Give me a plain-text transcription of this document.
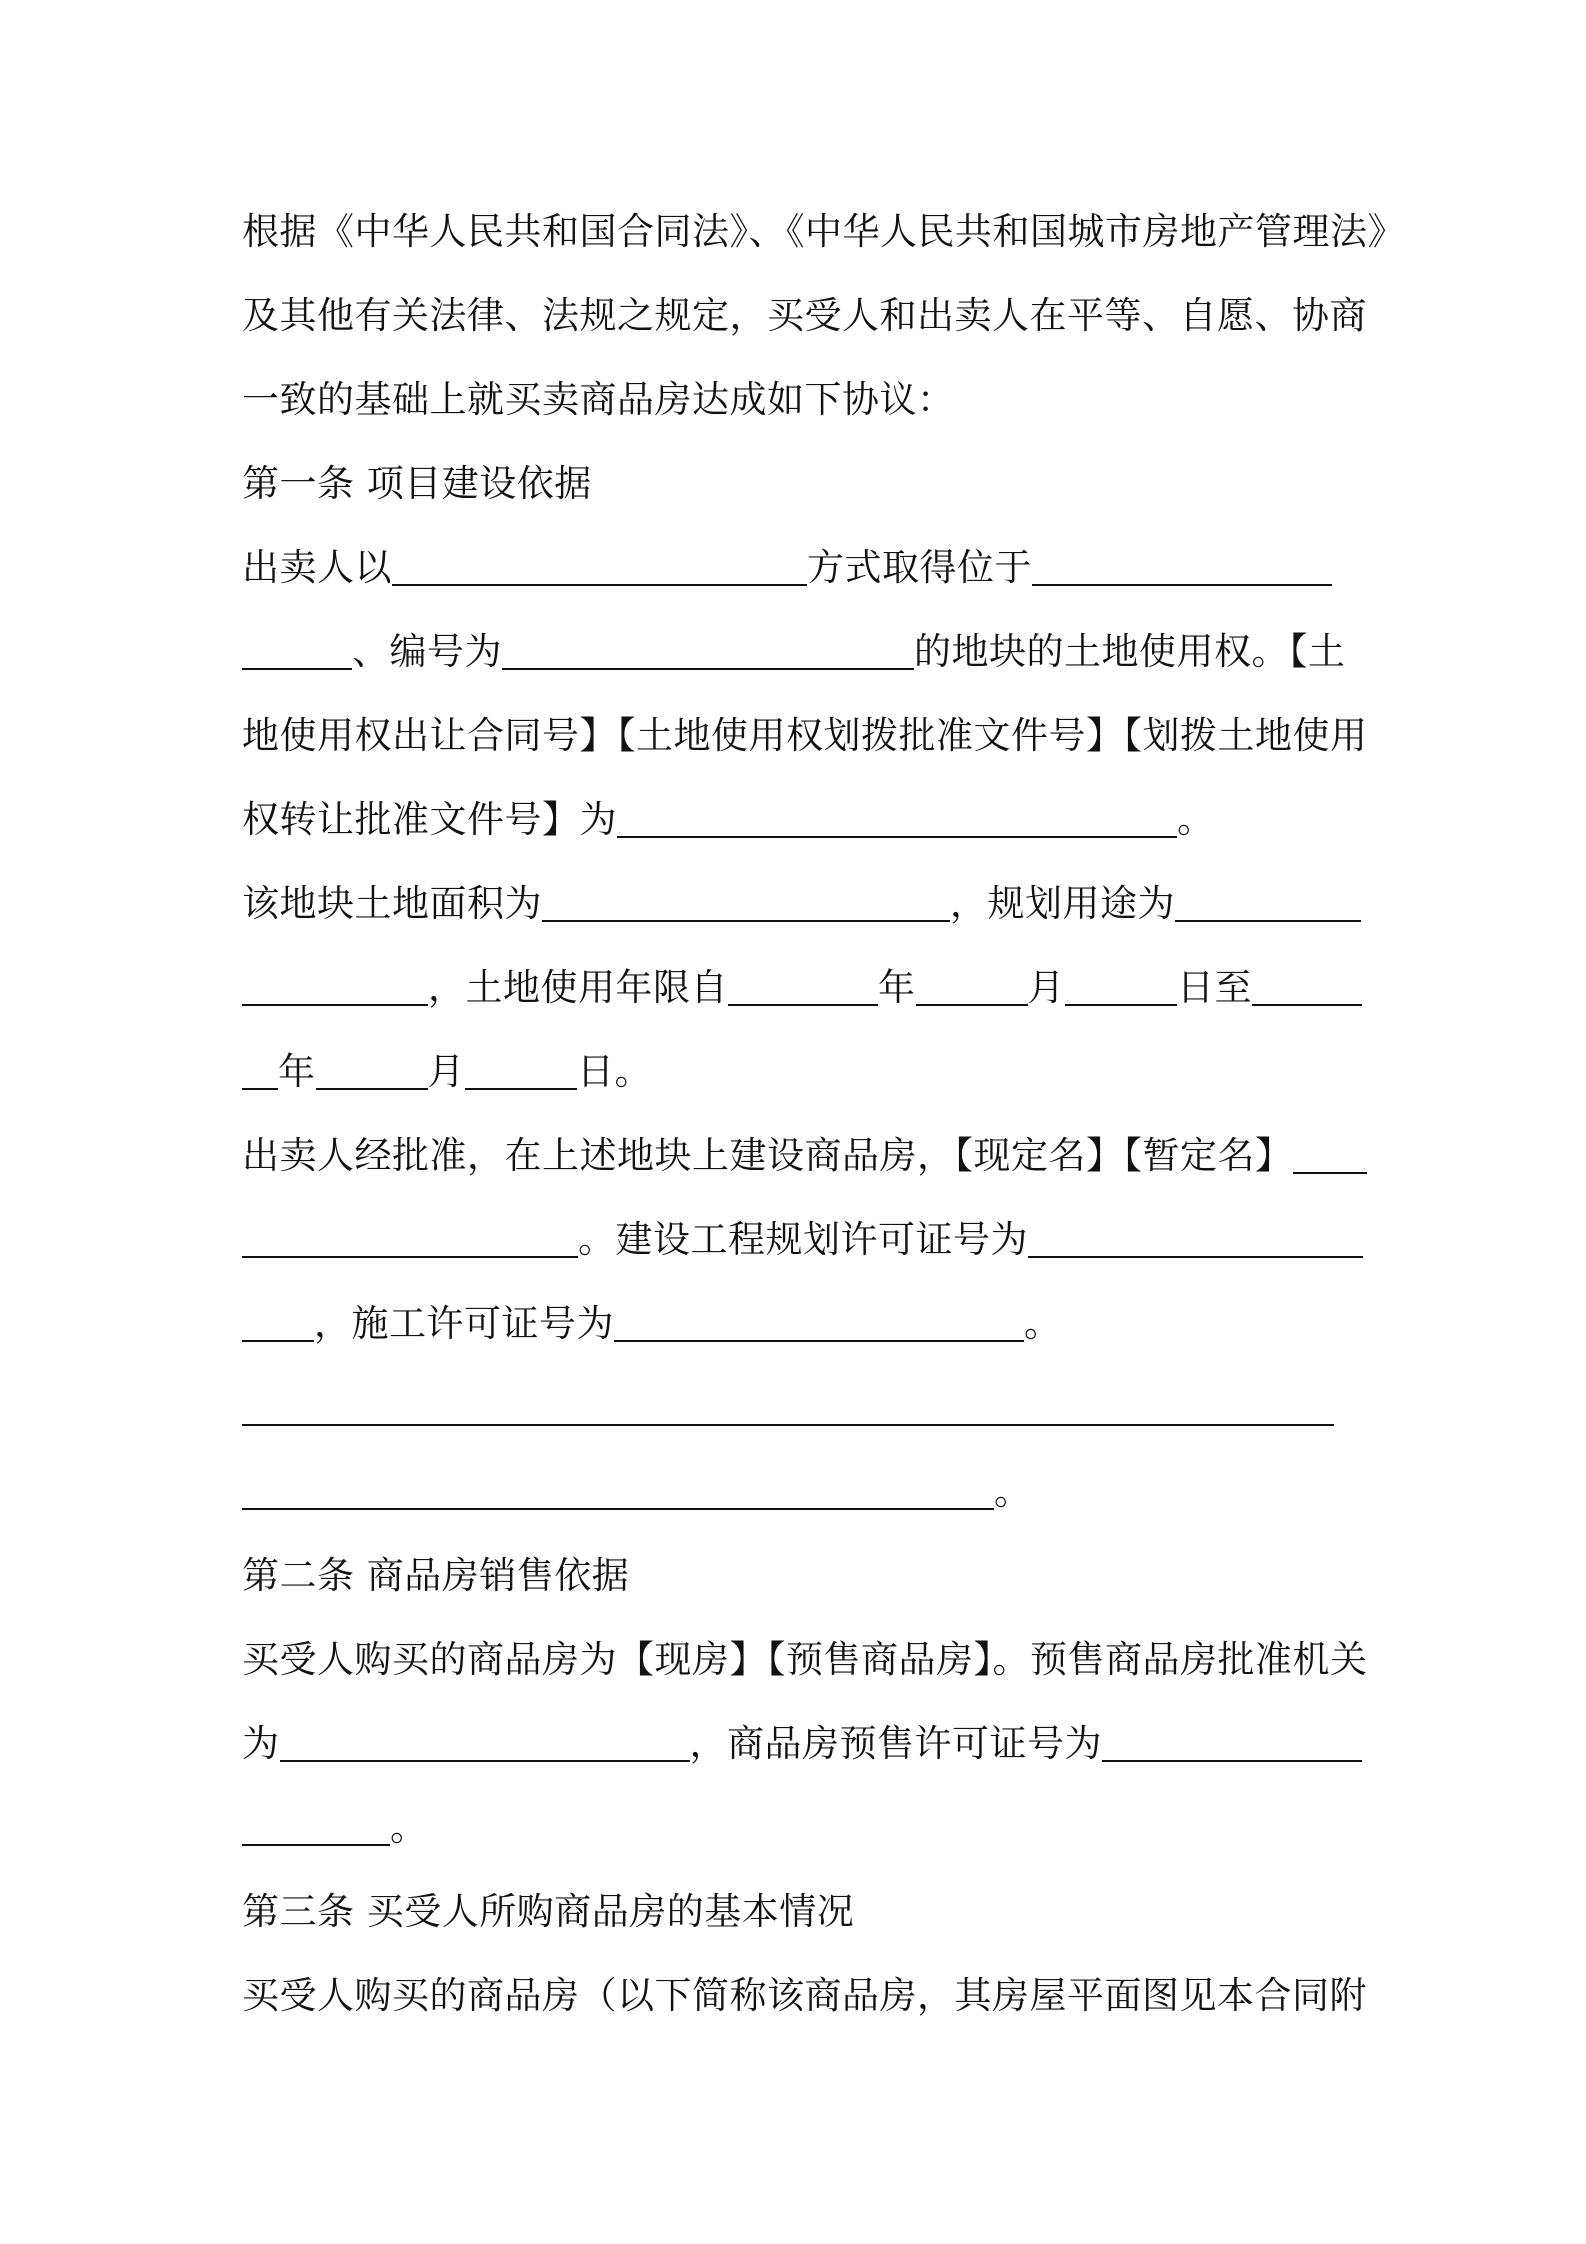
根据《中华人民共和国合同法》、《中华人民共和国城市房地产管理法》
及其他有关法律、法规之规定，买受人和出卖人在平等、自愿、协商
一致的基础上就买卖商品房达成如下协议：
第一条 项目建设依据
出卖人以	方式取得位于
、编号为	的地块的土地使用权。【土
地使用权出让合同号】【土地使用权划拨批准文件号】【划拨土地使用
权转让批准文件号】为	。
该地块土地面积为	，规划用途为
，土地使用年限自	年	月	日至
年	月	日。
出卖人经批准，在上述地块上建设商品房，【现定名】【暂定名】
。建设工程规划许可证号为
，施工许可证号为	。
。
第二条 商品房销售依据
买受人购买的商品房为【现房】【预售商品房】。预售商品房批准机关
为	，商品房预售许可证号为
。
第三条 买受人所购商品房的基本情况
买受人购买的商品房（以下简称该商品房，其房屋平面图见本合同附
